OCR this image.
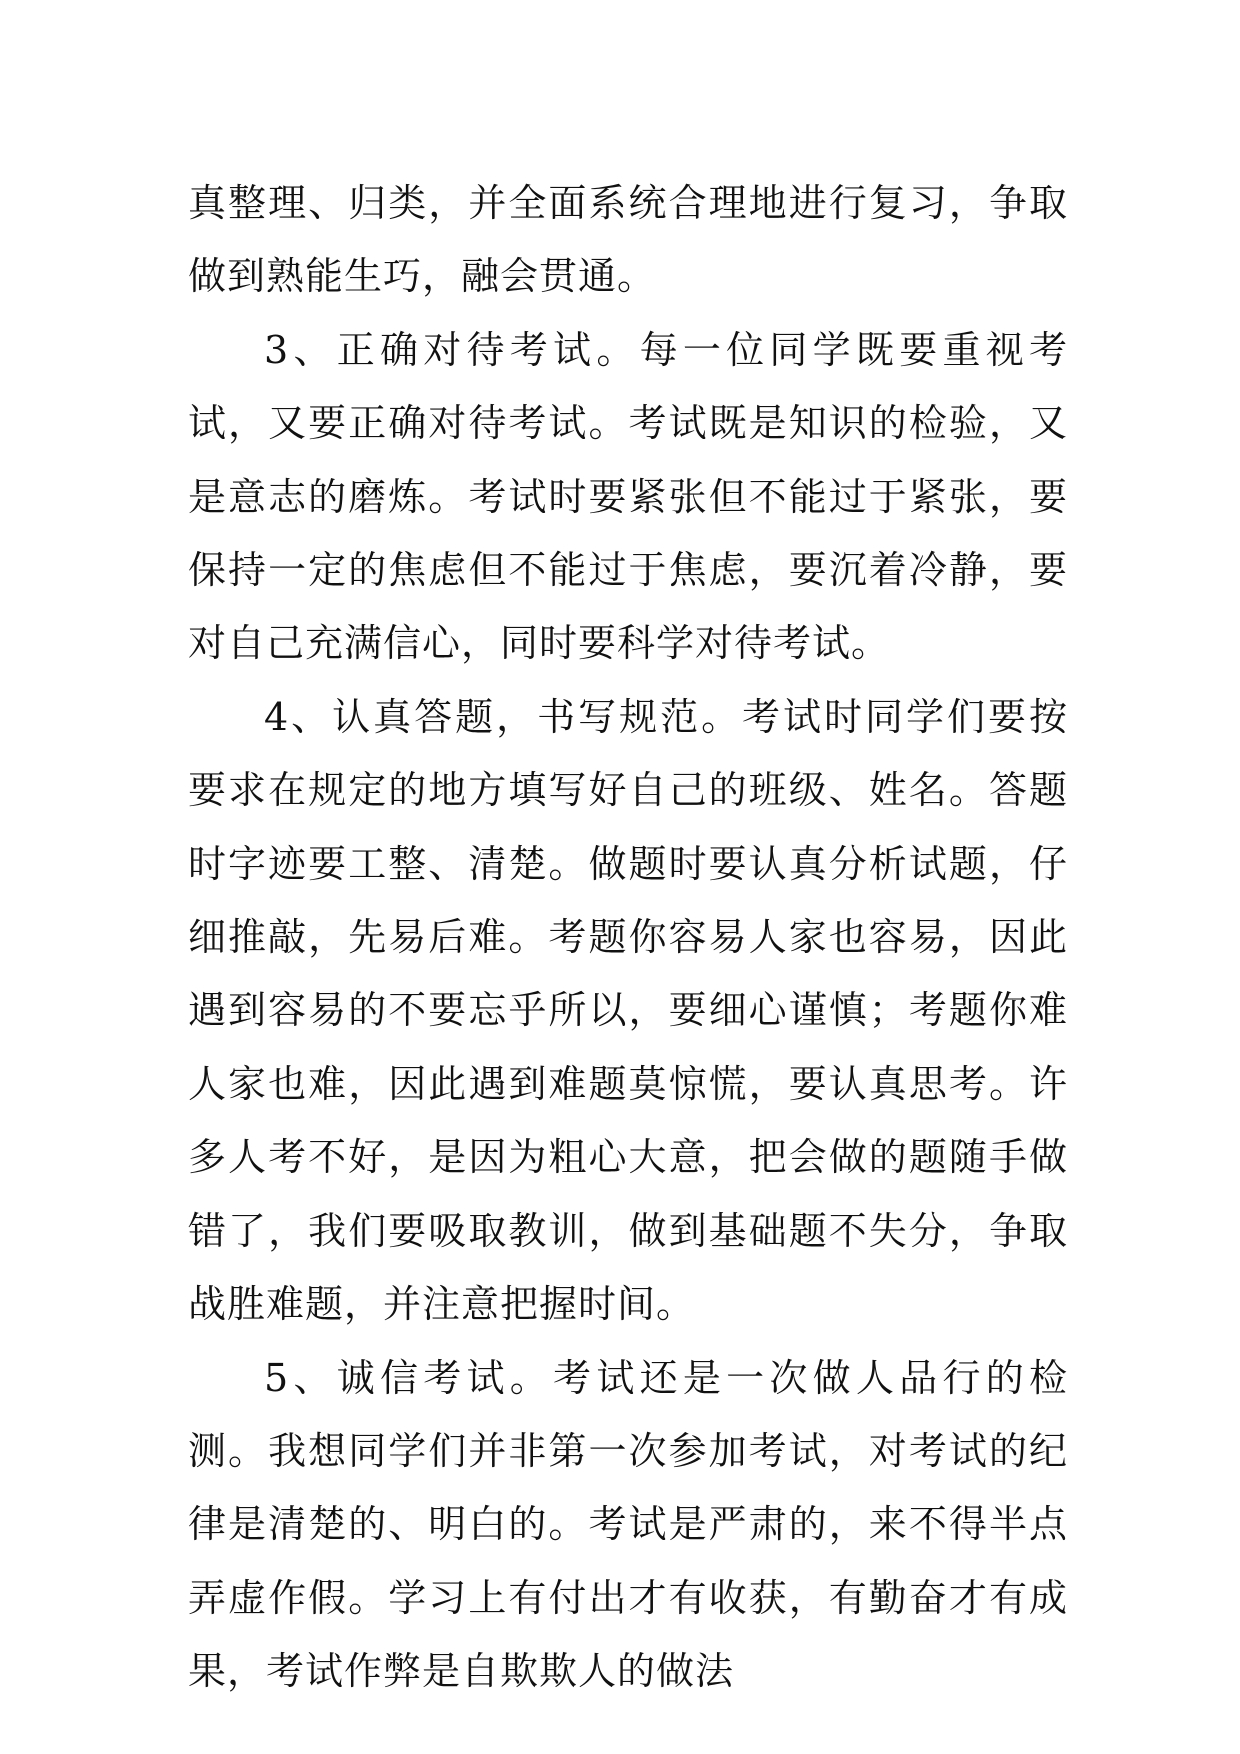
真整理、归类，并全面系统合理地进行复习，争取做到熟能生巧，融会贯通。

3、正确对待考试。每一位同学既要重视考试，又要正确对待考试。考试既是知识的检验，又是意志的磨炼。考试时要紧张但不能过于紧张，要保持一定的焦虑但不能过于焦虑，要沉着冷静，要对自己充满信心，同时要科学对待考试。

4、认真答题，书写规范。考试时同学们要按要求在规定的地方填写好自己的班级、姓名。答题时字迹要工整、清楚。做题时要认真分析试题，仔细推敲，先易后难。考题你容易人家也容易，因此遇到容易的不要忘乎所以，要细心谨慎；考题你难人家也难，因此遇到难题莫惊慌，要认真思考。许多人考不好，是因为粗心大意，把会做的题随手做错了，我们要吸取教训，做到基础题不失分，争取战胜难题，并注意把握时间。

5、诚信考试。考试还是一次做人品行的检测。我想同学们并非第一次参加考试，对考试的纪律是清楚的、明白的。考试是严肃的，来不得半点弄虚作假。学习上有付出才有收获，有勤奋才有成果，考试作弊是自欺欺人的做法
